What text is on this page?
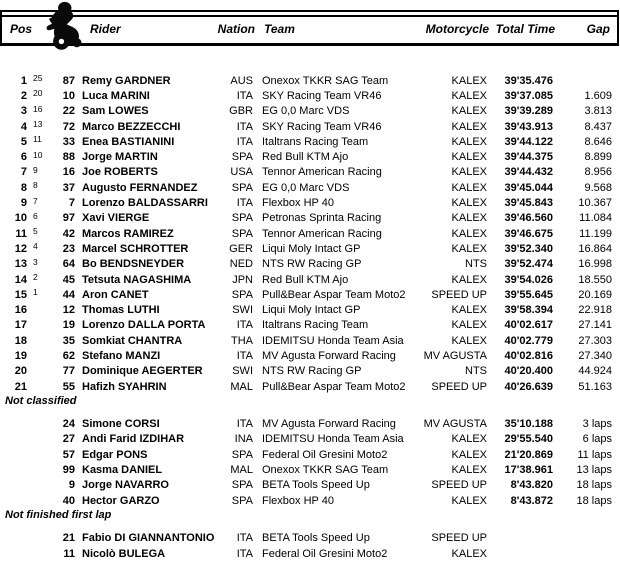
Pos	Rider	Nation Team	Motorcycle Total Time	Gap
1 25	87 Remy GARDNER	AUS Onexox TKKR SAG Team	KALEX	39'35.476
2 20	10 Luca MARINI	ITA SKY Racing Team VR46	KALEX	39'37.085	1.609
3 16	22 Sam LOWES	GBR EG 0,0 Marc VDS	KALEX	39'39.289	3.813
4 13	72 Marco BEZZECCHI	ITA SKY Racing Team VR46	KALEX	39'43.913	8.437
5 11	33 Enea BASTIANINI	ITA Italtrans Racing Team	KALEX	39'44.122	8.646
6 10	88 Jorge MARTIN	SPA Red Bull KTM Ajo	KALEX	39'44.375	8.899
7 9	16 Joe ROBERTS	USA Tennor American Racing	KALEX	39'44.432	8.956
8 8	37 Augusto FERNANDEZ	SPA EG 0,0 Marc VDS	KALEX	39'45.044	9.568
9 7	7 Lorenzo BALDASSARRI	ITA Flexbox HP 40	KALEX	39'45.843	10.367
10 6	97 Xavi VIERGE	SPA Petronas Sprinta Racing	KALEX	39'46.560	11.084
11 5	42 Marcos RAMIREZ	SPA Tennor American Racing	KALEX	39'46.675	11.199
12 4	23 Marcel SCHROTTER	GER Liqui Moly Intact GP	KALEX	39'52.340	16.864
13 3	64 Bo BENDSNEYDER	NED NTS RW Racing GP	NTS	39'52.474	16.998
14 2	45 Tetsuta NAGASHIMA	JPN Red Bull KTM Ajo	KALEX	39'54.026	18.550
15 1	44 Aron CANET	SPA Pull&Bear Aspar Team Moto2	SPEED UP	39'55.645	20.169
16	12 Thomas LUTHI	SWI Liqui Moly Intact GP	KALEX	39'58.394	22.918
17	19 Lorenzo DALLA PORTA	ITA Italtrans Racing Team	KALEX	40'02.617	27.141
18	35 Somkiat CHANTRA	THA IDEMITSU Honda Team Asia	KALEX	40'02.779	27.303
19	62 Stefano MANZI	ITA MV Agusta Forward Racing	MV AGUSTA	40'02.816	27.340
20	77 Dominique AEGERTER	SWI NTS RW Racing GP	NTS	40'20.400	44.924
21	55 Hafizh SYAHRIN	MAL Pull&Bear Aspar Team Moto2	SPEED UP	40'26.639	51.163
Not classified
24 Simone CORSI	ITA MV Agusta Forward Racing	MV AGUSTA	35'10.188	3 laps
27 Andi Farid IZDIHAR	INA IDEMITSU Honda Team Asia	KALEX	29'55.540	6 laps
57 Edgar PONS	SPA Federal Oil Gresini Moto2	KALEX	21'20.869	11 laps
99 Kasma DANIEL	MAL Onexox TKKR SAG Team	KALEX	17'38.961	13 laps
9 Jorge NAVARRO	SPA BETA Tools Speed Up	SPEED UP	8'43.820	18 laps
40 Hector GARZO	SPA Flexbox HP 40	KALEX	8'43.872	18 laps
Not finished first lap
21 Fabio DI GIANNANTONIO	ITA BETA Tools Speed Up	SPEED UP
11 Nicolò BULEGA	ITA Federal Oil Gresini Moto2	KALEX
